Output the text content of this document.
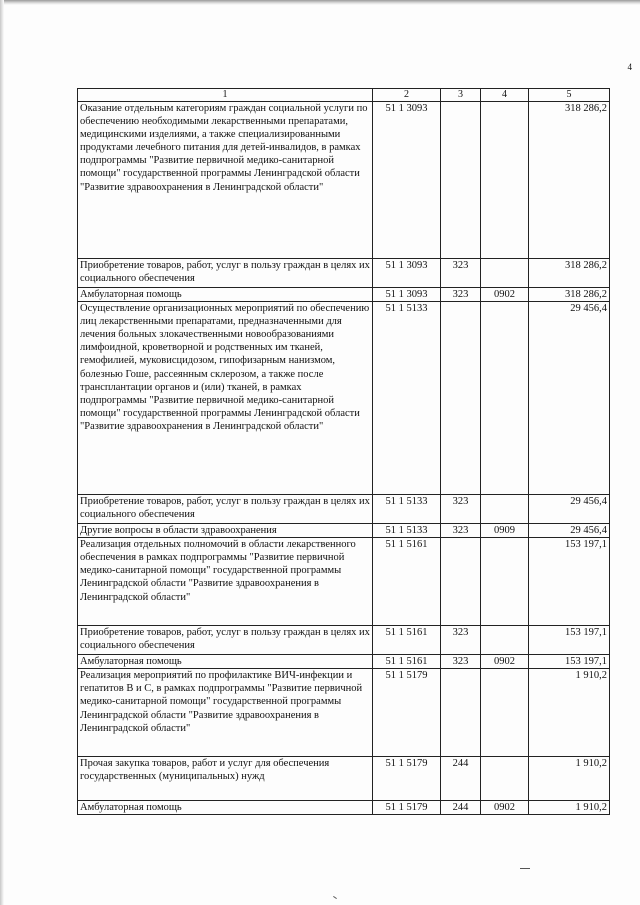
4
1	2	3	4	5
Оказание отдельным категориям граждан социальной услуги по обеспечению необходимыми лекарственными препаратами, медицинскими изделиями, а также специализированными продуктами лечебного питания для детей-инвалидов, в рамках подпрограммы "Развитие первичной медико-санитарной помощи" государственной программы Ленинградской области "Развитие здравоохранения в Ленинградской области"	51 1 3093			318 286,2
Приобретение товаров, работ, услуг в пользу граждан в целях их социального обеспечения	51 1 3093	323		318 286,2
Амбулаторная помощь	51 1 3093	323	0902	318 286,2
Осуществление организационных мероприятий по обеспечению лиц лекарственными препаратами, предназначенными для лечения больных злокачественными новообразованиями лимфоидной, кроветворной и родственных им тканей, гемофилией, муковисцидозом, гипофизарным нанизмом, болезнью Гоше, рассеянным склерозом, а также после трансплантации органов и (или) тканей, в рамках подпрограммы "Развитие первичной медико-санитарной помощи" государственной программы Ленинградской области "Развитие здравоохранения в Ленинградской области"	51 1 5133			29 456,4
Приобретение товаров, работ, услуг в пользу граждан в целях их социального обеспечения	51 1 5133	323		29 456,4
Другие вопросы в области здравоохранения	51 1 5133	323	0909	29 456,4
Реализация отдельных полномочий в области лекарственного обеспечения в рамках подпрограммы "Развитие первичной медико-санитарной помощи" государственной программы Ленинградской области "Развитие здравоохранения в Ленинградской области"	51 1 5161			153 197,1
Приобретение товаров, работ, услуг в пользу граждан в целях их социального обеспечения	51 1 5161	323		153 197,1
Амбулаторная помощь	51 1 5161	323	0902	153 197,1
Реализация мероприятий по профилактике ВИЧ-инфекции и гепатитов B и C, в рамках подпрограммы "Развитие первичной медико-санитарной помощи" государственной программы Ленинградской области "Развитие здравоохранения в Ленинградской области"	51 1 5179			1 910,2
Прочая закупка товаров, работ и услуг для обеспечения государственных (муниципальных) нужд	51 1 5179	244		1 910,2
Амбулаторная помощь	51 1 5179	244	0902	1 910,2
